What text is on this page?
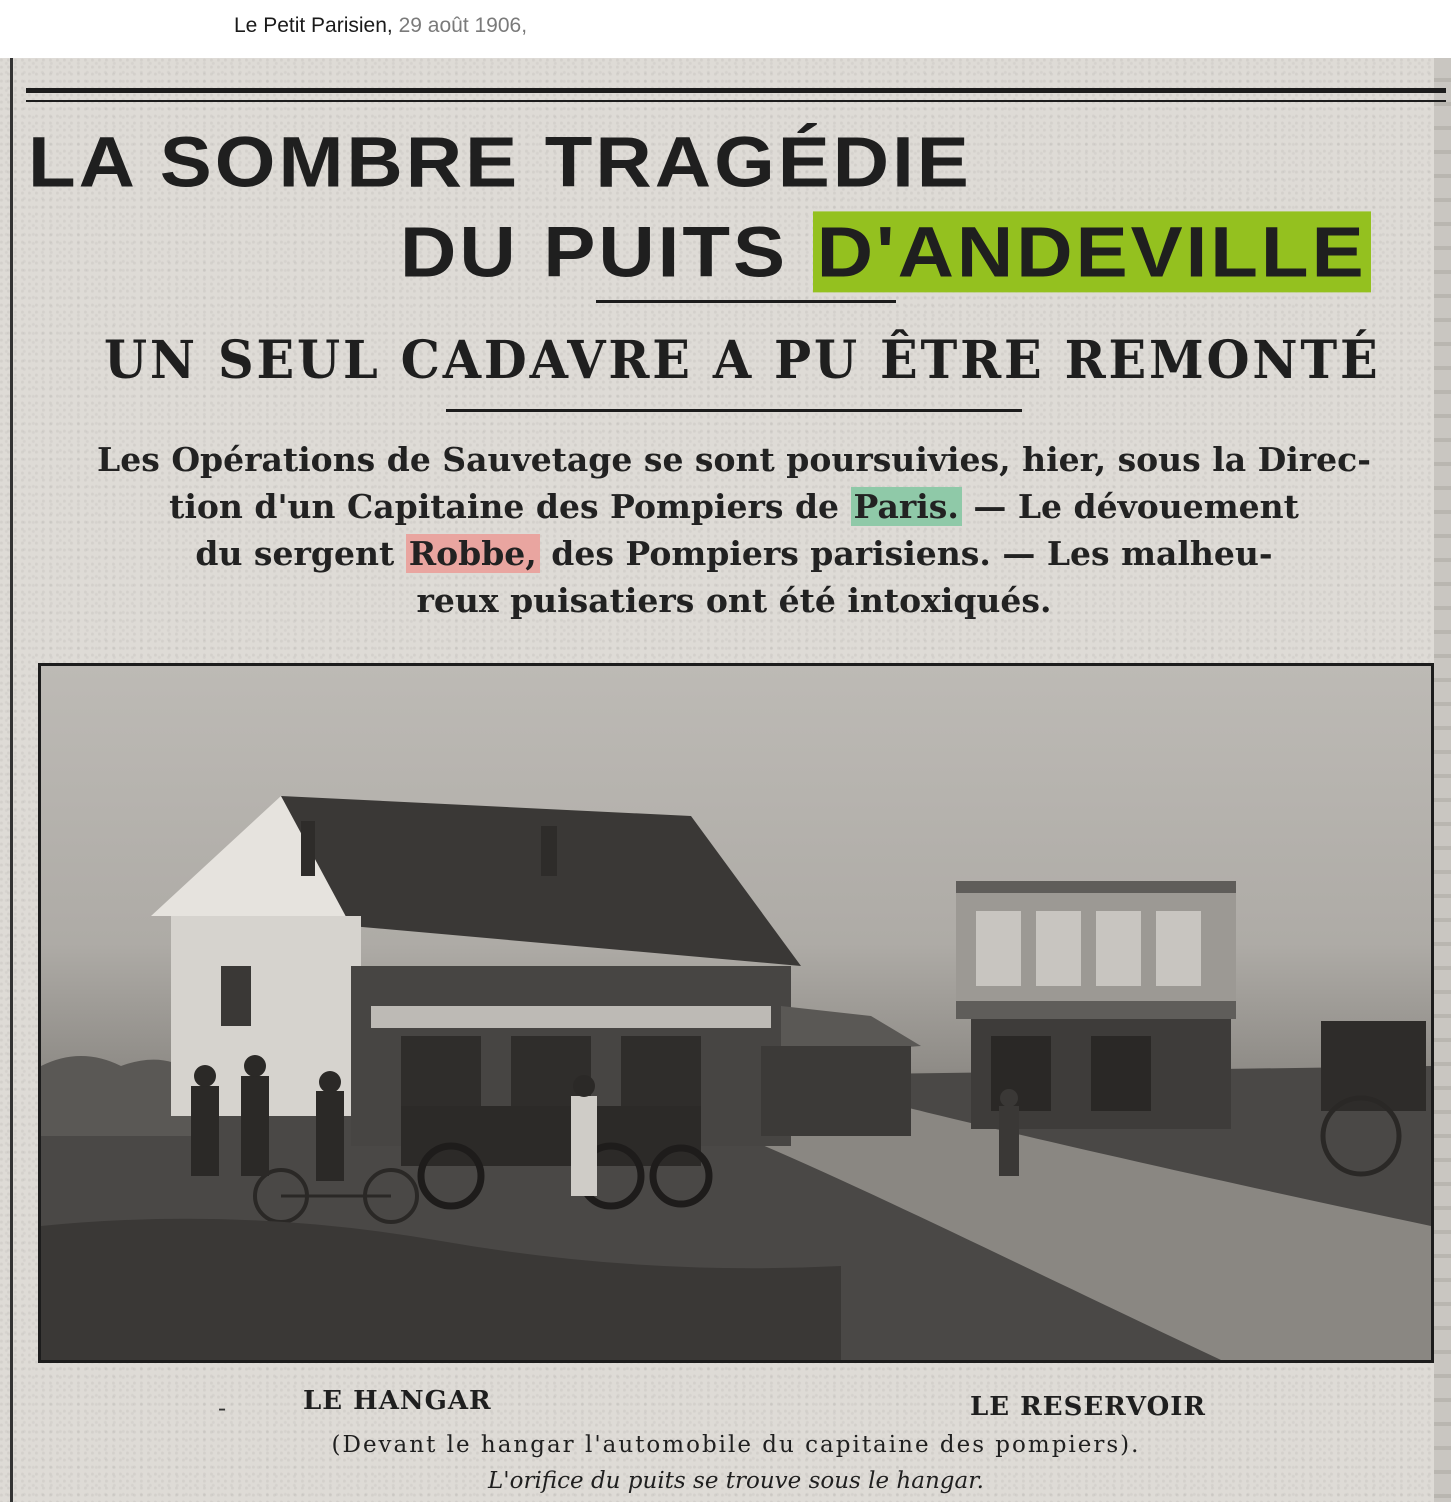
Le Petit Parisien, 29 août 1906,
LA SOMBRE TRAGÉDIE
DU PUITS D'ANDEVILLE
UN SEUL CADAVRE A PU ÊTRE REMONTÉ
Les Opérations de Sauvetage se sont poursuivies, hier, sous la Direc-
tion d'un Capitaine des Pompiers de Paris. — Le dévouement
du sergent Robbe, des Pompiers parisiens. — Les malheu-
reux puisatiers ont été intoxiqués.
-	LE HANGAR	LE RESERVOIR
(Devant le hangar l'automobile du capitaine des pompiers).
L'orifice du puits se trouve sous le hangar.
